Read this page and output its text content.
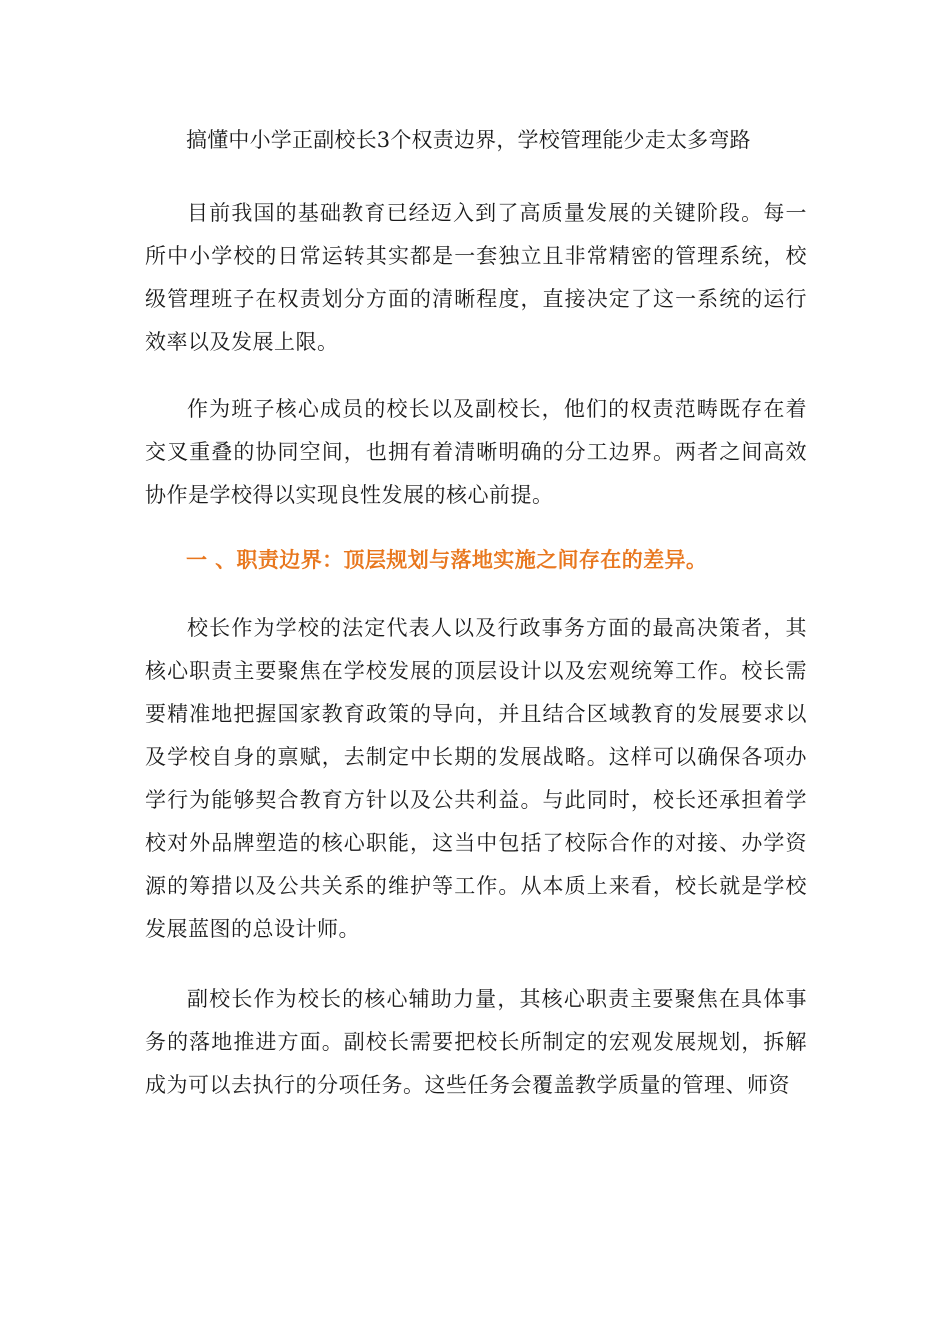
搞懂中小学正副校长3个权责边界，学校管理能少走太多弯路

目前我国的基础教育已经迈入到了高质量发展的关键阶段。每一所中小学校的日常运转其实都是一套独立且非常精密的管理系统，校级管理班子在权责划分方面的清晰程度，直接决定了这一系统的运行效率以及发展上限。

作为班子核心成员的校长以及副校长，他们的权责范畴既存在着交叉重叠的协同空间，也拥有着清晰明确的分工边界。两者之间高效协作是学校得以实现良性发展的核心前提。

一 、职责边界：顶层规划与落地实施之间存在的差异。

校长作为学校的法定代表人以及行政事务方面的最高决策者，其核心职责主要聚焦在学校发展的顶层设计以及宏观统筹工作。校长需要精准地把握国家教育政策的导向，并且结合区域教育的发展要求以及学校自身的禀赋，去制定中长期的发展战略。这样可以确保各项办学行为能够契合教育方针以及公共利益。与此同时，校长还承担着学校对外品牌塑造的核心职能，这当中包括了校际合作的对接、办学资源的筹措以及公共关系的维护等工作。从本质上来看，校长就是学校发展蓝图的总设计师。

副校长作为校长的核心辅助力量，其核心职责主要聚焦在具体事务的落地推进方面。副校长需要把校长所制定的宏观发展规划，拆解成为可以去执行的分项任务。这些任务会覆盖教学质量的管理、师资
